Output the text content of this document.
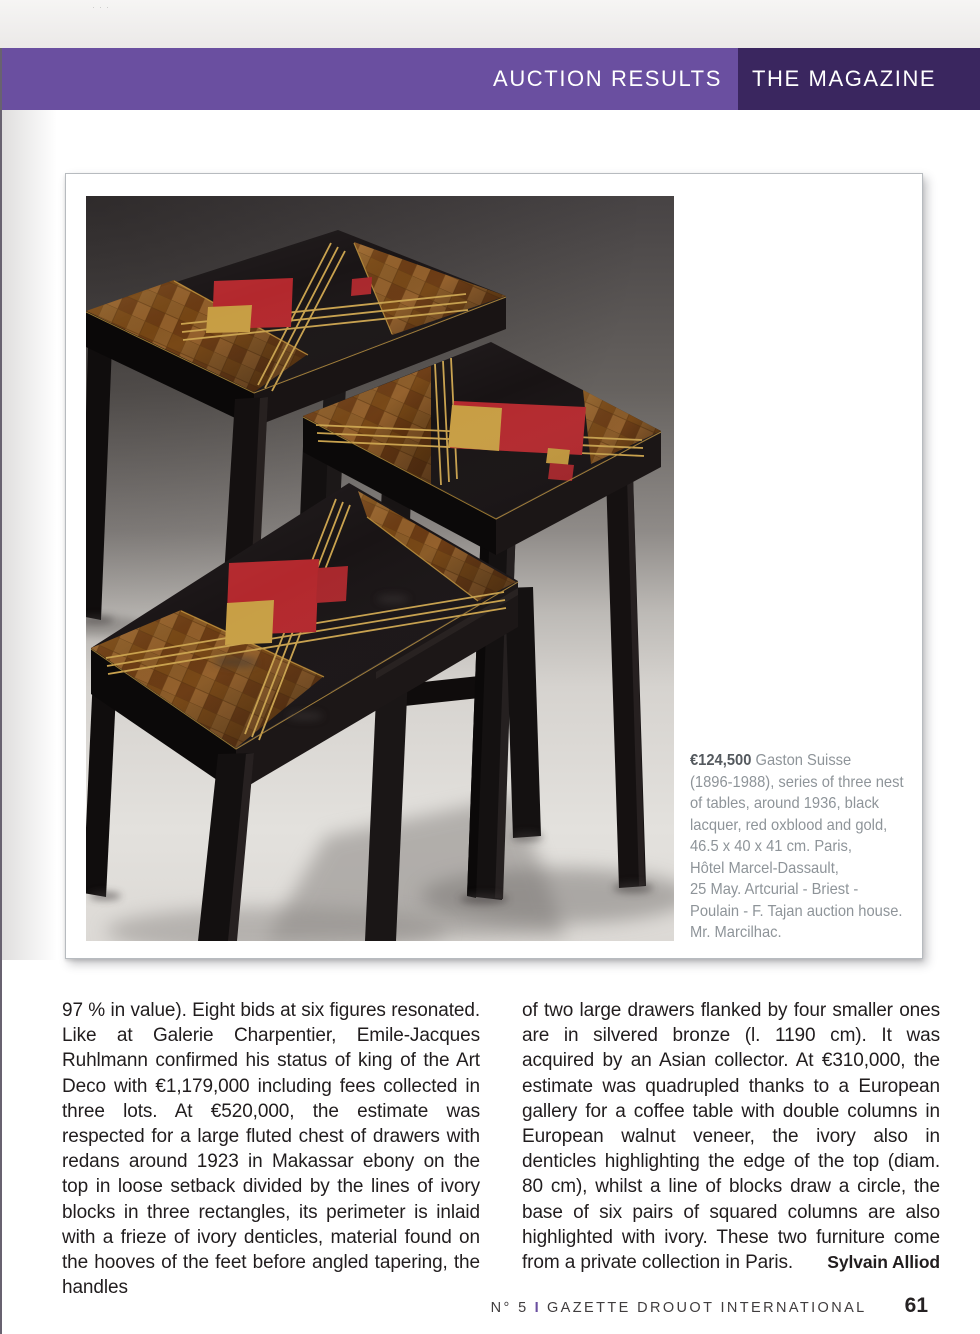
···
AUCTION RESULTS THE MAGAZINE
€124,500 Gaston Suisse
(1896-1988), series of three nest
of tables, around 1936, black
lacquer, red oxblood and gold,
46.5 x 40 x 41 cm. Paris,
Hôtel Marcel-Dassault,
25 May. Artcurial - Briest -
Poulain - F. Tajan auction house.
Mr. Marcilhac.
97 % in value). Eight bids at six figures resonated. Like at Galerie Charpentier, Emile-Jacques Ruhlmann confirmed his status of king of the Art Deco with €1,179,000 including fees collected in three lots. At €520,000, the estimate was respected for a large fluted chest of drawers with redans around 1923 in Makassar ebony on the top in loose setback divided by the lines of ivory blocks in three rectangles, its perimeter is inlaid with a frieze of ivory denticles, material found on the hooves of the feet before angled tapering, the handles
of two large drawers flanked by four smaller ones are in silvered bronze (l. 1190 cm). It was acquired by an Asian collector. At €310,000, the estimate was quadrupled thanks to a European gallery for a coffee table with double columns in European walnut veneer, the ivory also in denticles highlighting the edge of the top (diam. 80 cm), whilst a line of blocks draw a circle, the base of six pairs of squared columns are also highlighted with ivory. These two furniture come from a private collection in Paris.	Sylvain Alliod
N° 5 I GAZETTE DROUOT INTERNATIONAL 61
